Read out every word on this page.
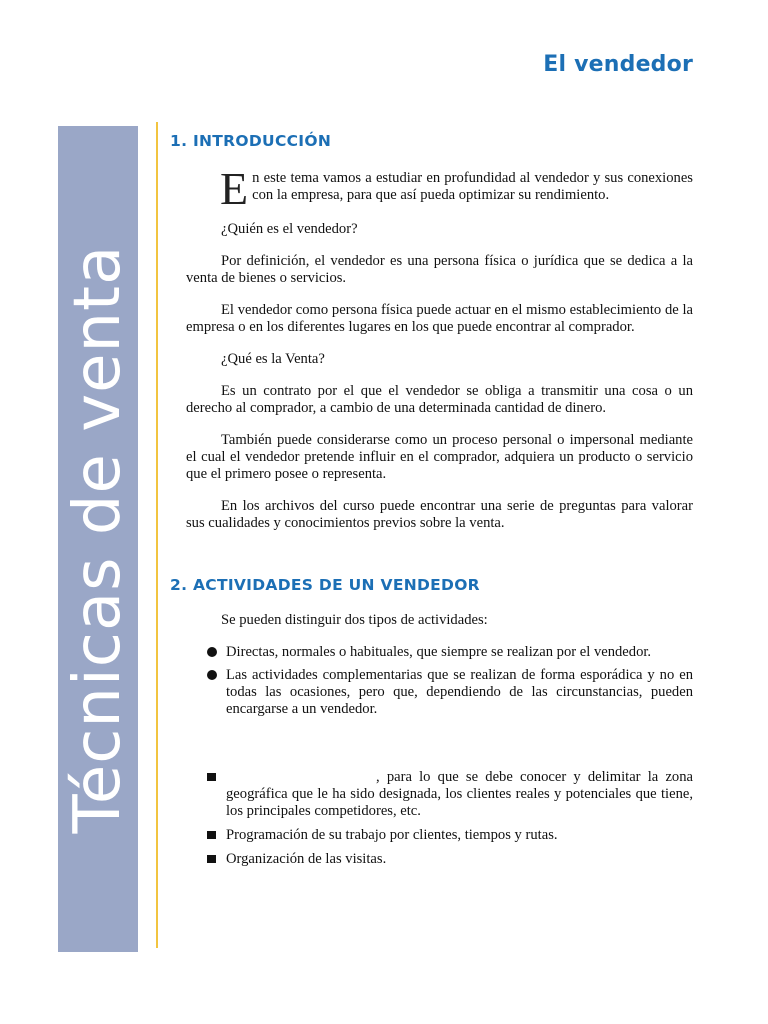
El vendedor
Técnicas de venta
1. INTRODUCCIÓN

En este tema vamos a estudiar en profundidad al vendedor y sus conexiones con la empresa, para que así pueda optimizar su rendimiento.

¿Quién es el vendedor?

Por definición, el vendedor es una persona física o jurídica que se dedica a la venta de bienes o servicios.

El vendedor como persona física puede actuar en el mismo establecimiento de la empresa o en los diferentes lugares en los que puede encontrar al comprador.

¿Qué es la Venta?

Es un contrato por el que el vendedor se obliga a transmitir una cosa o un derecho al comprador, a cambio de una determinada cantidad de dinero.

También puede considerarse como un proceso personal o impersonal mediante el cual el vendedor pretende influir en el comprador, adquiera un producto o servicio que el primero posee o representa.

En los archivos del curso puede encontrar una serie de preguntas para valorar sus cualidades y conocimientos previos sobre la venta.

2. ACTIVIDADES DE UN VENDEDOR

Se pueden distinguir dos tipos de actividades:

Directas, normales o habituales, que siempre se realizan por el vendedor.
Las actividades complementarias que se realizan de forma esporádica y no en todas las ocasiones, pero que, dependiendo de las circunstancias, pueden encargarse a un vendedor.
, para lo que se debe conocer y delimitar la zona geográfica que le ha sido designada, los clientes reales y potenciales que tiene, los principales competidores, etc.
Programación de su trabajo por clientes, tiempos y rutas.
Organización de las visitas.
